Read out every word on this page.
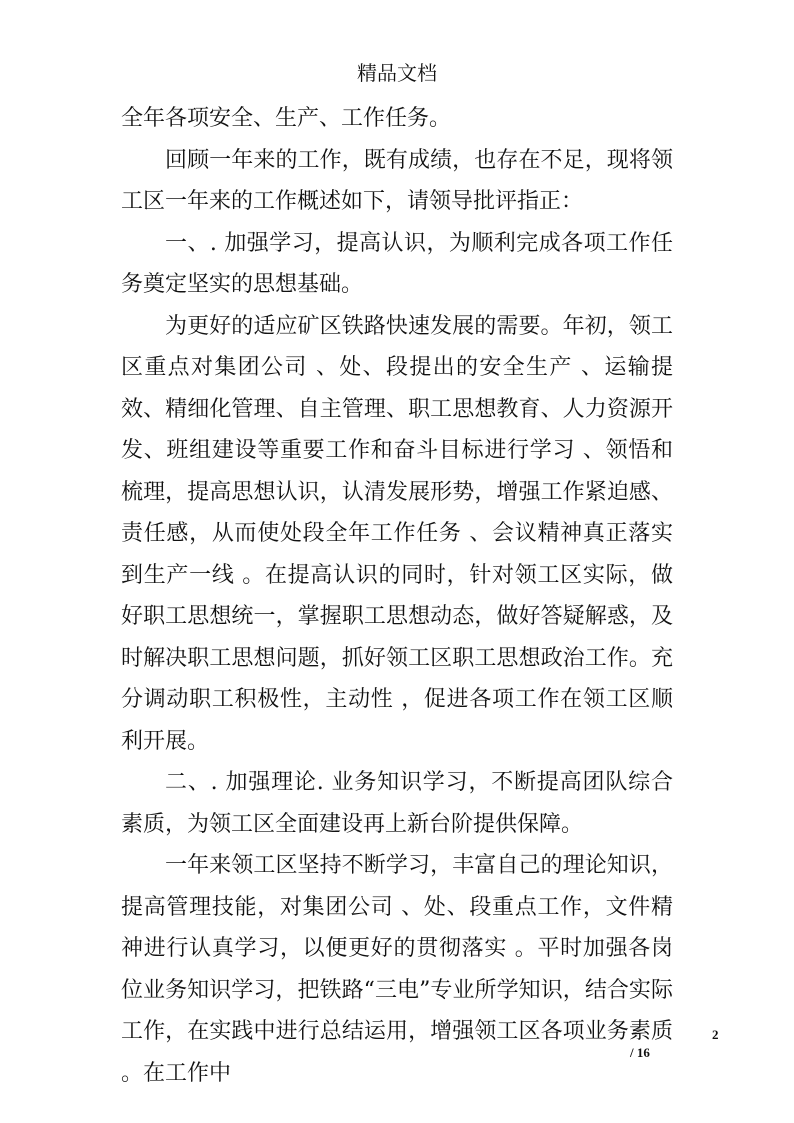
精品文档

全年各项安全、生产、工作任务。

回顾一年来的工作，既有成绩，也存在不足，现将领工区一年来的工作概述如下，请领导批评指正：

一、. 加强学习，提高认识，为顺利完成各项工作任务奠定坚实的思想基础。

为更好的适应矿区铁路快速发展的需要。年初，领工区重点对集团公司 、处、段提出的安全生产 、运输提效、精细化管理、自主管理、职工思想教育、人力资源开发、班组建设等重要工作和奋斗目标进行学习 、领悟和梳理，提高思想认识，认清发展形势，增强工作紧迫感、责任感，从而使处段全年工作任务 、会议精神真正落实到生产一线 。在提高认识的同时，针对领工区实际，做好职工思想统一，掌握职工思想动态，做好答疑解惑，及时解决职工思想问题，抓好领工区职工思想政治工作。充分调动职工积极性，主动性 ，促进各项工作在领工区顺利开展。

二、. 加强理论. 业务知识学习，不断提高团队综合素质，为领工区全面建设再上新台阶提供保障。

一年来领工区坚持不断学习，丰富自己的理论知识，提高管理技能，对集团公司 、处、段重点工作，文件精神进行认真学习，以便更好的贯彻落实 。平时加强各岗位业务知识学习，把铁路“三电”专业所学知识，结合实际工作，在实践中进行总结运用，增强领工区各项业务素质 。在工作中

2
/ 16
